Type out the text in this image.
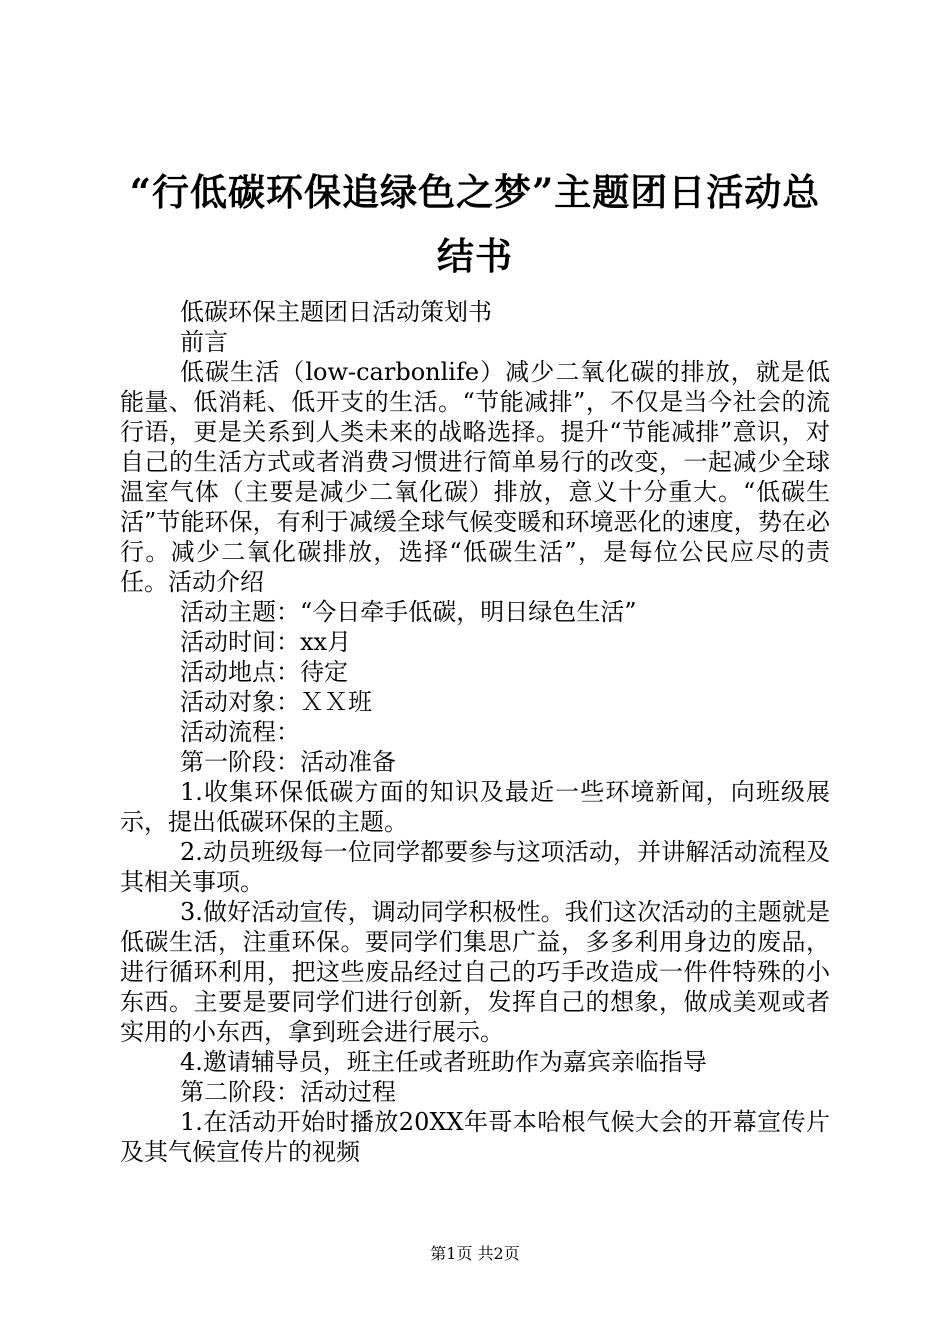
“行低碳环保追绿色之梦”主题团日活动总结书

低碳环保主题团日活动策划书

前言

低碳生活（low-carbonlife）减少二氧化碳的排放，就是低能量、低消耗、低开支的生活。“节能减排”，不仅是当今社会的流行语，更是关系到人类未来的战略选择。提升“节能减排”意识，对自己的生活方式或者消费习惯进行简单易行的改变，一起减少全球温室气体（主要是减少二氧化碳）排放，意义十分重大。“低碳生活”节能环保，有利于减缓全球气候变暖和环境恶化的速度，势在必行。减少二氧化碳排放，选择“低碳生活”，是每位公民应尽的责任。活动介绍

活动主题：“今日牵手低碳，明日绿色生活”

活动时间：xx月

活动地点：待定

活动对象：ＸＸ班

活动流程：

第一阶段：活动准备

1.收集环保低碳方面的知识及最近一些环境新闻，向班级展示，提出低碳环保的主题。

2.动员班级每一位同学都要参与这项活动，并讲解活动流程及其相关事项。

3.做好活动宣传，调动同学积极性。我们这次活动的主题就是低碳生活，注重环保。要同学们集思广益，多多利用身边的废品，进行循环利用，把这些废品经过自己的巧手改造成一件件特殊的小东西。主要是要同学们进行创新，发挥自己的想象，做成美观或者实用的小东西，拿到班会进行展示。

4.邀请辅导员，班主任或者班助作为嘉宾亲临指导

第二阶段：活动过程

1.在活动开始时播放20XX年哥本哈根气候大会的开幕宣传片及其气候宣传片的视频

第1页 共2页
